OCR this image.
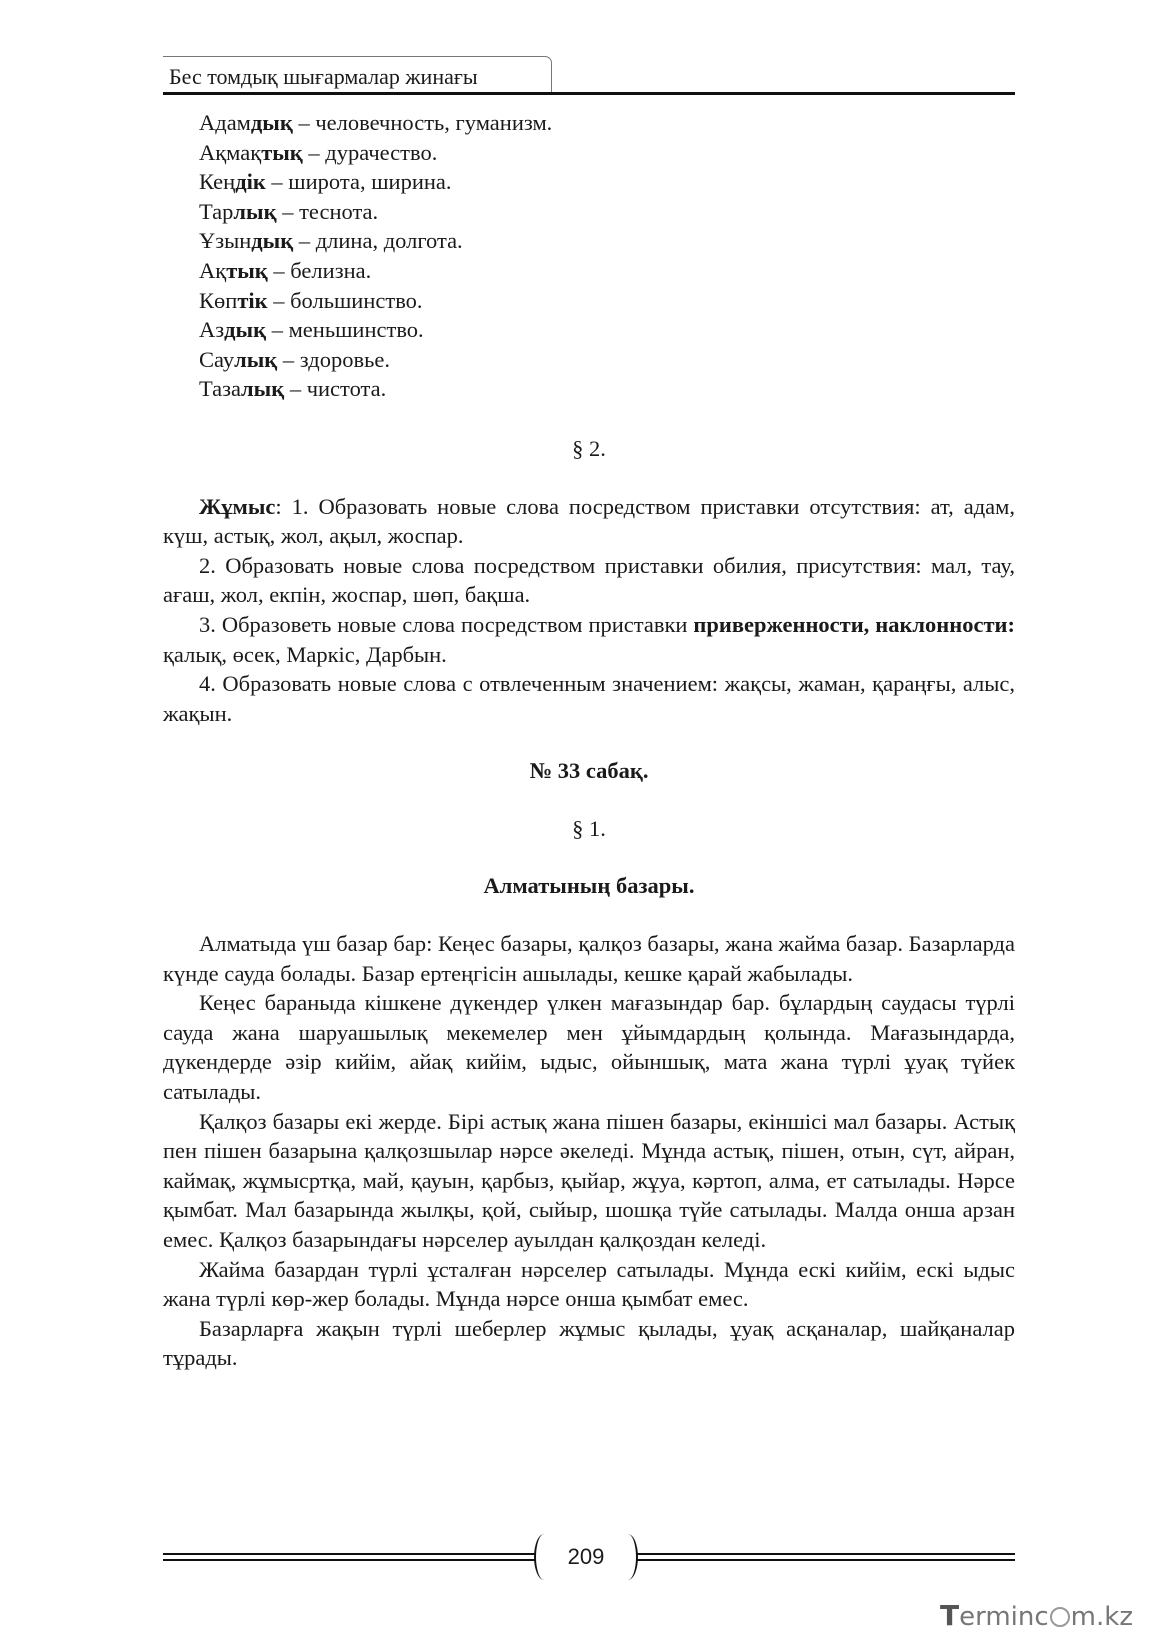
Бес томдық шығармалар жинағы
Адамдық – человечность, гуманизм.
Ақмақтық – дурачество.
Кеңдік – широта, ширина.
Тарлық – теснота.
Ұзындық – длина, долгота.
Ақтық – белизна.
Көптік – большинство.
Аздық – меньшинство.
Саулық – здоровье.
Тазалық – чистота.
§ 2.

Жұмыс: 1. Образовать новые слова посредством приставки отсутствия: ат, адам, күш, астық, жол, ақыл, жоспар.

2. Образовать новые слова посредством приставки обилия, присутствия: мал, тау, ағаш, жол, екпін, жоспар, шөп, бақша.

3. Образоветь новые слова посредством приставки приверженности, наклонности: қалық, өсек, Маркіс, Дарбын.

4. Образовать новые слова с отвлеченным значением: жақсы, жаман, қараңғы, алыс, жақын.

№ 33 сабақ.
§ 1.
Алматының базары.

Алматыда үш базар бар: Кеңес базары, қалқоз базары, жана жайма базар. Базарларда күнде сауда болады. Базар ертеңгісін ашылады, кешке қарай жабылады.

Кеңес бараныда кішкене дүкендер үлкен мағазындар бар. бұлардың саудасы түрлі сауда жана шаруашылық мекемелер мен ұйымдардың қолында. Мағазындарда, дүкендерде әзір кийім, айақ кийім, ыдыс, ойыншық, мата жана түрлі ұуақ түйек сатылады.

Қалқоз базары екі жерде. Бірі астық жана пішен базары, екіншісі мал базары. Астық пен пішен базарына қалқозшылар нәрсе әкеледі. Мұнда астық, пішен, отын, сүт, айран, каймақ, жұмысртқа, май, қауын, қарбыз, қыйар, жұуа, кәртоп, алма, ет сатылады. Нәрсе қымбат. Мал базарында жылқы, қой, сыйыр, шошқа түйе сатылады. Малда онша арзан емес. Қалқоз базарындағы нәрселер ауылдан қалқоздан келеді.

Жайма базардан түрлі ұсталған нәрселер сатылады. Мұнда ескі кийім, ескі ыдыс жана түрлі көр-жер болады. Мұнда нәрсе онша қымбат емес.

Базарларға жақын түрлі шеберлер жұмыс қылады, ұуақ асқаналар, шайқаналар тұрады.

209
Terminc m.kz
